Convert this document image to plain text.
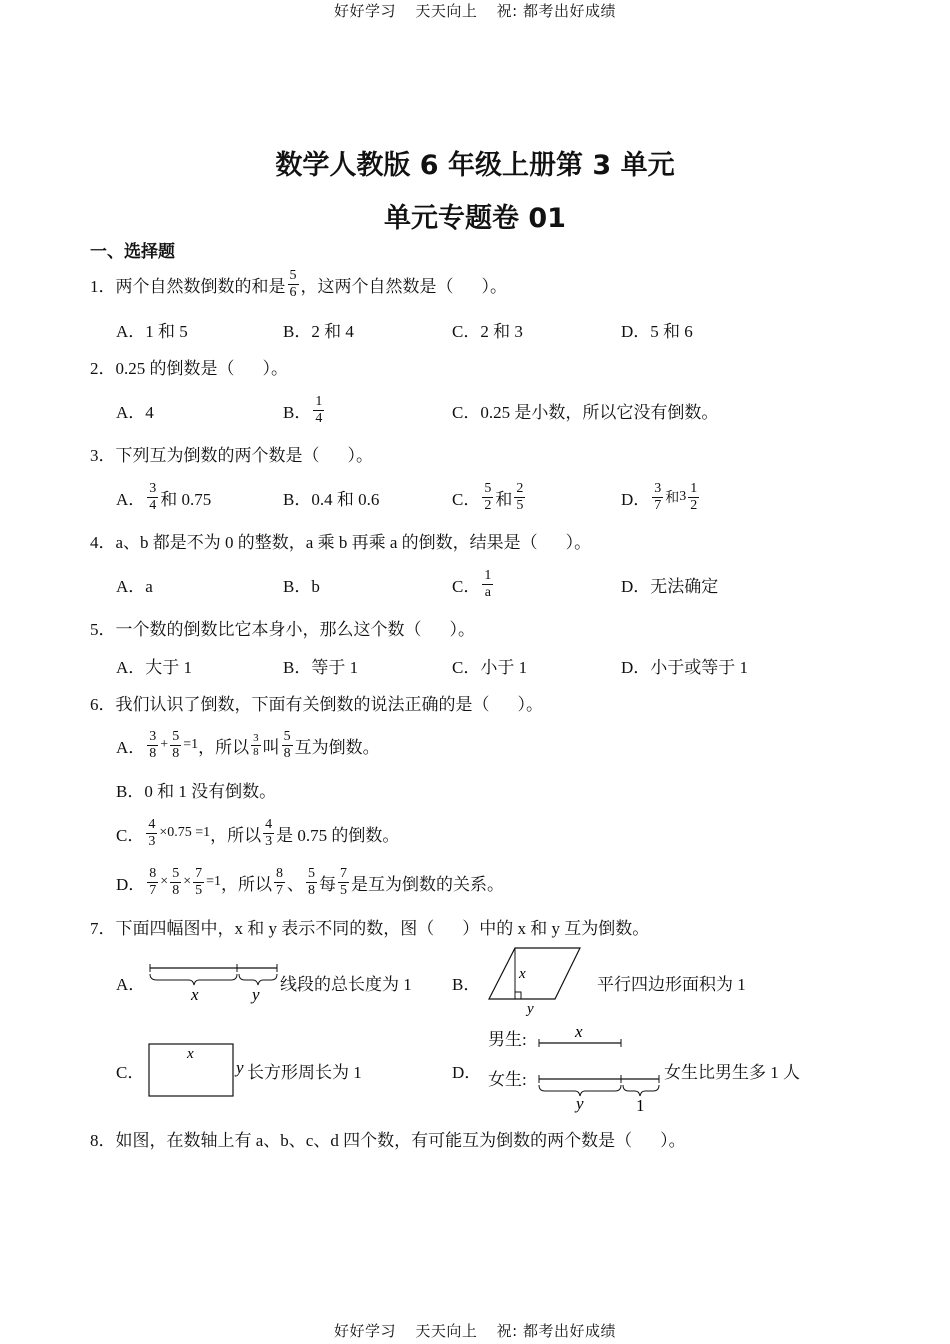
好好学习 天天向上 祝: 都考出好成绩
数学人教版 6 年级上册第 3 单元
单元专题卷 01
一、选择题
1．两个自然数倒数的和是 $\frac{5}{6}$ ，这两个自然数是（ ）。
A．1 和 5	B．2 和 4	C．2 和 3	D．5 和 6
2．0.25 的倒数是（ ）。
A．4	B． $\frac{1}{4}$	C．0.25 是小数，所以它没有倒数。
3．下列互为倒数的两个数是（ ）。
A． $\frac{3}{4}$ 和 0.75	B．0.4 和 0.6	C． $\frac{5}{2}$ 和 $\frac{2}{5}$	D． $\frac{3}{7}$ 和 $3 \frac{1}{2}$
4．a、b 都是不为 0 的整数，a 乘 b 再乘 a 的倒数，结果是（ ）。
A．a	B．b	C． $\frac{1}{a}$	D．无法确定
5．一个数的倒数比它本身小，那么这个数（ ）。
A．大于 1	B．等于 1	C．小于 1	D．小于或等于 1
6．我们认识了倒数，下面有关倒数的说法正确的是（ ）。
A． $\frac{3}{8} + \frac{5}{8} =1$ ，所以 $\frac{3}{8}$ 叫 $\frac{5}{8}$ 互为倒数。
B．0 和 1 没有倒数。
C． $\frac{4}{3} \times 0.75 =1$ ，所以 $\frac{4}{3}$ 是 0.75 的倒数。
D． $\frac{8}{7} \times \frac{5}{8} \times \frac{7}{5} =1$ ，所以 $\frac{8}{7}$ 、 $\frac{5}{8}$ 每 $\frac{7}{5}$ 是互为倒数的关系。
7．下面四幅图中，x 和 y 表示不同的数，图（ ）中的 x 和 y 互为倒数。
A．
x	y
线段的总长度为 1 B．
x
y
平行四边形面积为 1
C．
x
y 长方形周长为 1	D．
男生:
女生:
x
y	1
女生比男生多 1 人
8．如图，在数轴上有 a、b、c、d 四个数，有可能互为倒数的两个数是（ ）。
好好学习 天天向上 祝: 都考出好成绩
